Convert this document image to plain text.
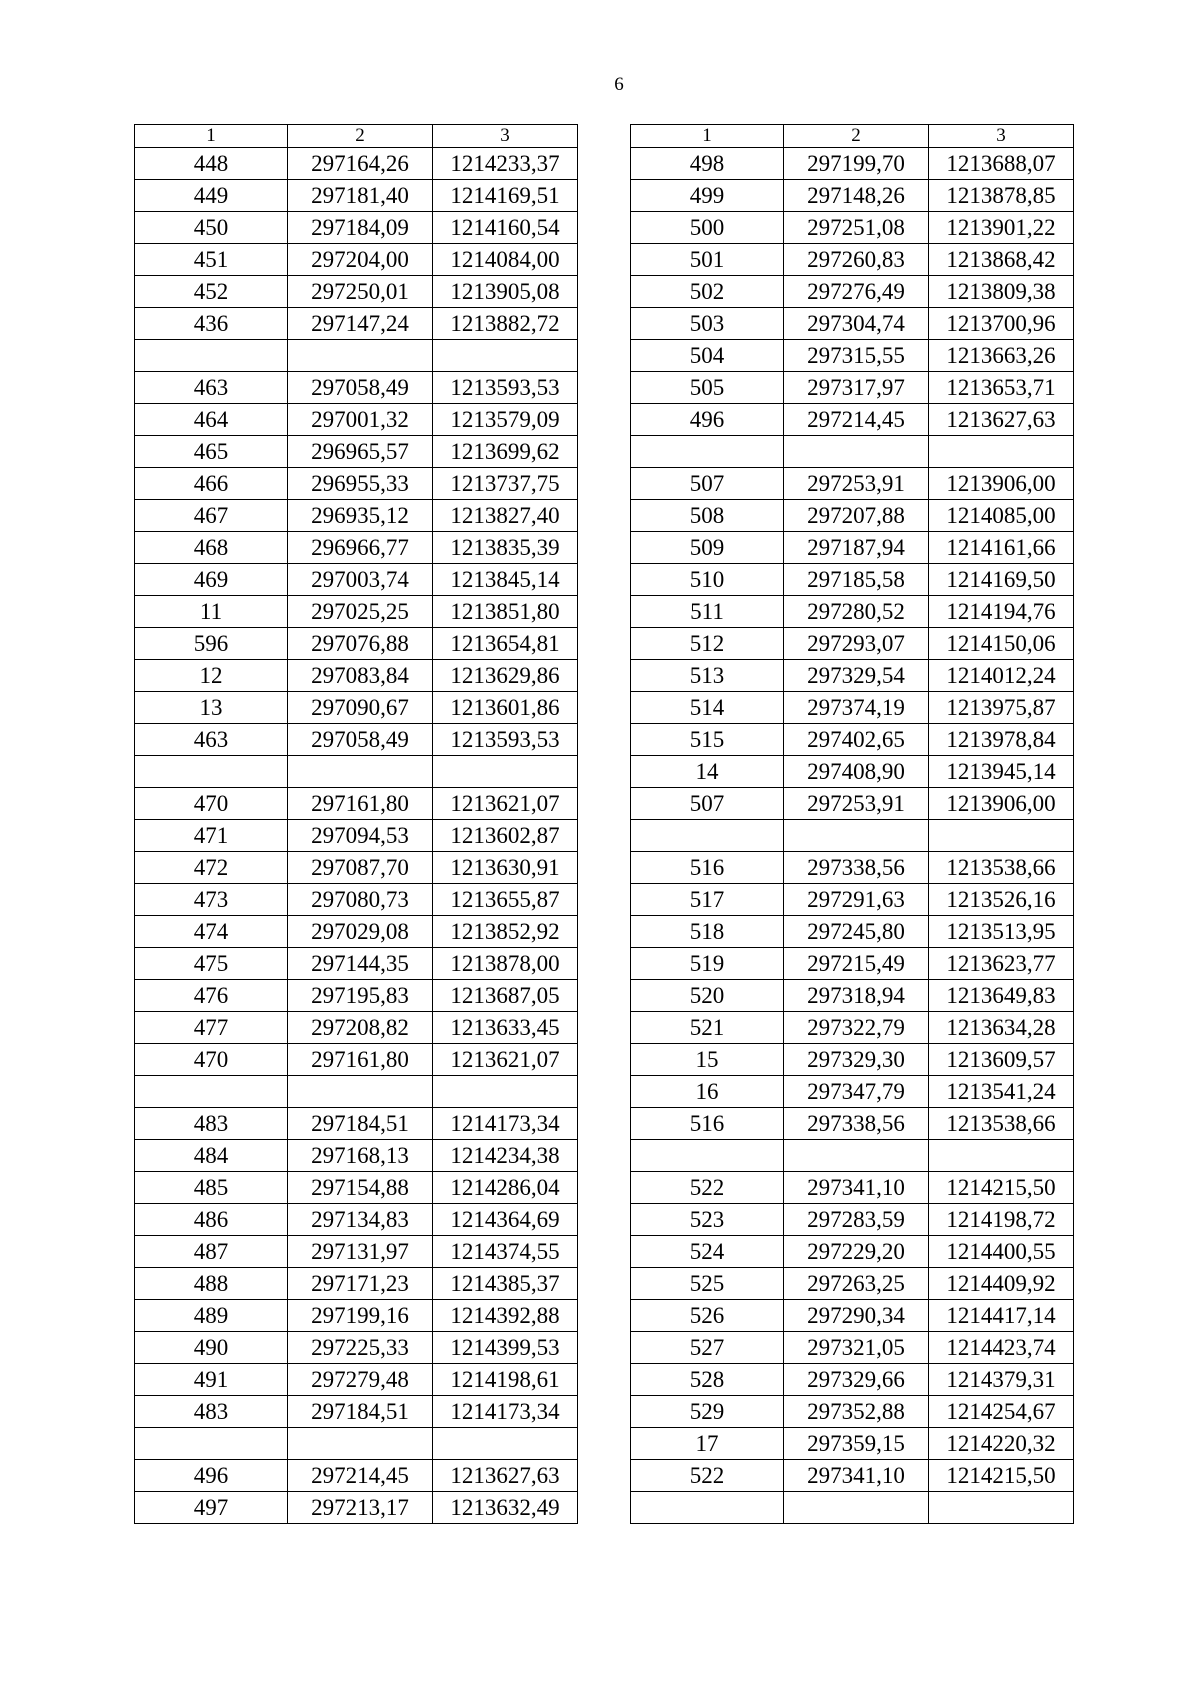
6
1	2	3
448	297164,26	1214233,37
449	297181,40	1214169,51
450	297184,09	1214160,54
451	297204,00	1214084,00
452	297250,01	1213905,08
436	297147,24	1213882,72

463	297058,49	1213593,53
464	297001,32	1213579,09
465	296965,57	1213699,62
466	296955,33	1213737,75
467	296935,12	1213827,40
468	296966,77	1213835,39
469	297003,74	1213845,14
11	297025,25	1213851,80
596	297076,88	1213654,81
12	297083,84	1213629,86
13	297090,67	1213601,86
463	297058,49	1213593,53

470	297161,80	1213621,07
471	297094,53	1213602,87
472	297087,70	1213630,91
473	297080,73	1213655,87
474	297029,08	1213852,92
475	297144,35	1213878,00
476	297195,83	1213687,05
477	297208,82	1213633,45
470	297161,80	1213621,07

483	297184,51	1214173,34
484	297168,13	1214234,38
485	297154,88	1214286,04
486	297134,83	1214364,69
487	297131,97	1214374,55
488	297171,23	1214385,37
489	297199,16	1214392,88
490	297225,33	1214399,53
491	297279,48	1214198,61
483	297184,51	1214173,34

496	297214,45	1213627,63
497	297213,17	1213632,49
1	2	3
498	297199,70	1213688,07
499	297148,26	1213878,85
500	297251,08	1213901,22
501	297260,83	1213868,42
502	297276,49	1213809,38
503	297304,74	1213700,96
504	297315,55	1213663,26
505	297317,97	1213653,71
496	297214,45	1213627,63

507	297253,91	1213906,00
508	297207,88	1214085,00
509	297187,94	1214161,66
510	297185,58	1214169,50
511	297280,52	1214194,76
512	297293,07	1214150,06
513	297329,54	1214012,24
514	297374,19	1213975,87
515	297402,65	1213978,84
14	297408,90	1213945,14
507	297253,91	1213906,00

516	297338,56	1213538,66
517	297291,63	1213526,16
518	297245,80	1213513,95
519	297215,49	1213623,77
520	297318,94	1213649,83
521	297322,79	1213634,28
15	297329,30	1213609,57
16	297347,79	1213541,24
516	297338,56	1213538,66

522	297341,10	1214215,50
523	297283,59	1214198,72
524	297229,20	1214400,55
525	297263,25	1214409,92
526	297290,34	1214417,14
527	297321,05	1214423,74
528	297329,66	1214379,31
529	297352,88	1214254,67
17	297359,15	1214220,32
522	297341,10	1214215,50
